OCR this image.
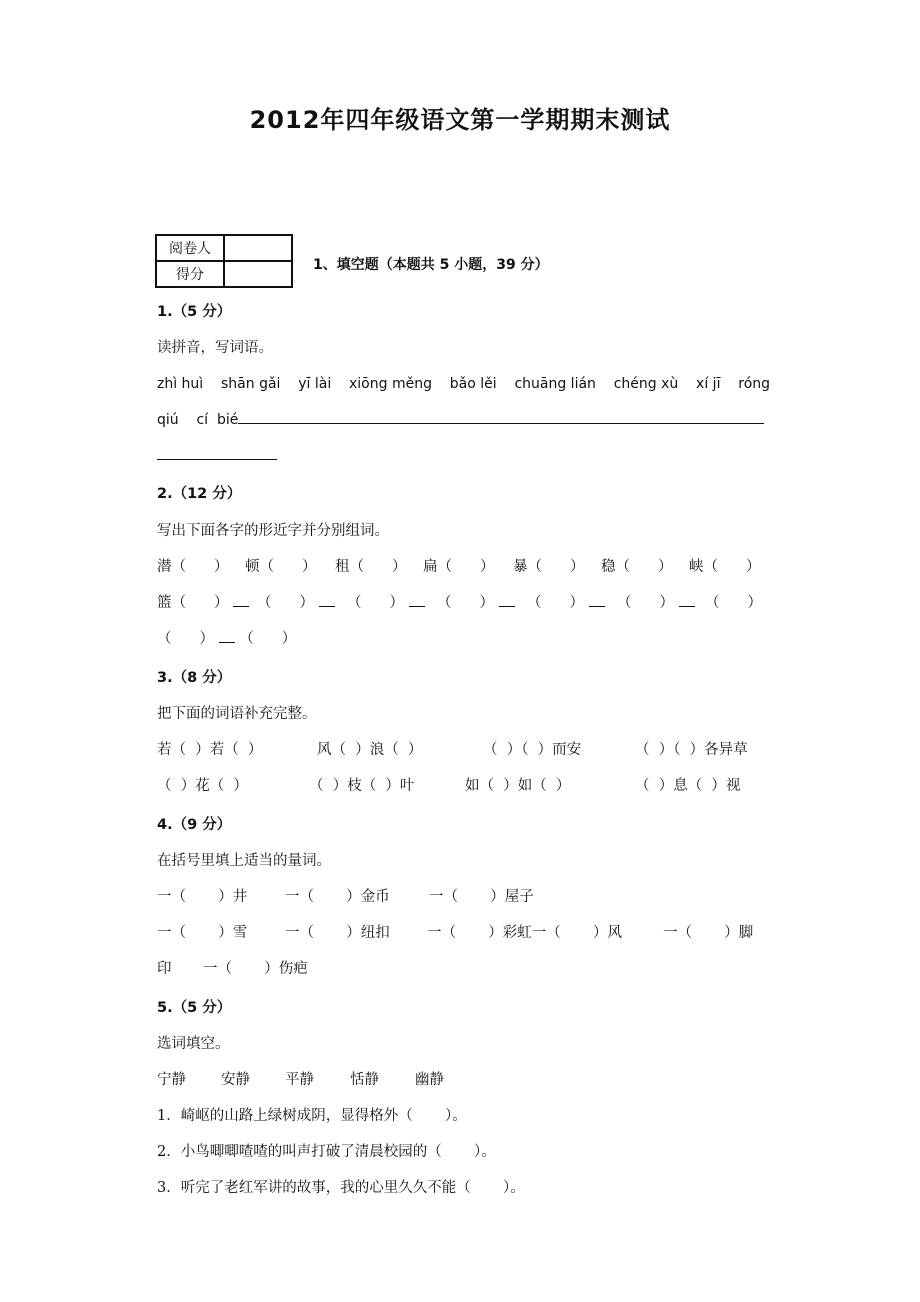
2012年四年级语文第一学期期末测试
阅卷人	
得分	
1、填空题（本题共 5 小题，39 分）
1.（5 分）
读拼音，写词语。
zhì huì    shān gǎi    yī lài    xiōng měng    bǎo lěi    chuāng lián    chéng xù    xí jī    róng
qiú    cí  bié
2.（12 分）
写出下面各字的形近字并分别组词。
潜（ ） 顿（ ） 租（ ） 扁（ ） 暴（ ） 稳（ ） 峡（ ）
篮（ ）	（ ）	（ ）	（ ）	（ ）	（ ）	（ ）
（ ） （ ）
3.（8 分）
把下面的词语补充完整。
若（  ）若（  ）	风（  ）浪（  ）	（  ）（  ）而安	（  ）（  ）各异草
（  ）花（  ）	（  ）枝（  ）叶	如（  ）如（  ）	（  ）息（  ）视
4.（9 分）
在括号里填上适当的量词。
一（       ）井	一（       ）金币	一（       ）屋子
一（       ）雪	一（       ）纽扣	一（       ）彩虹一（       ）风	一（       ）脚
印 一（       ）伤疤
5.（5 分）
选词填空。
宁静 安静 平静 恬静 幽静
1．崎岖的山路上绿树成阴，显得格外（       ）。
2．小鸟唧唧喳喳的叫声打破了清晨校园的（       ）。
3．听完了老红军讲的故事，我的心里久久不能（       ）。
